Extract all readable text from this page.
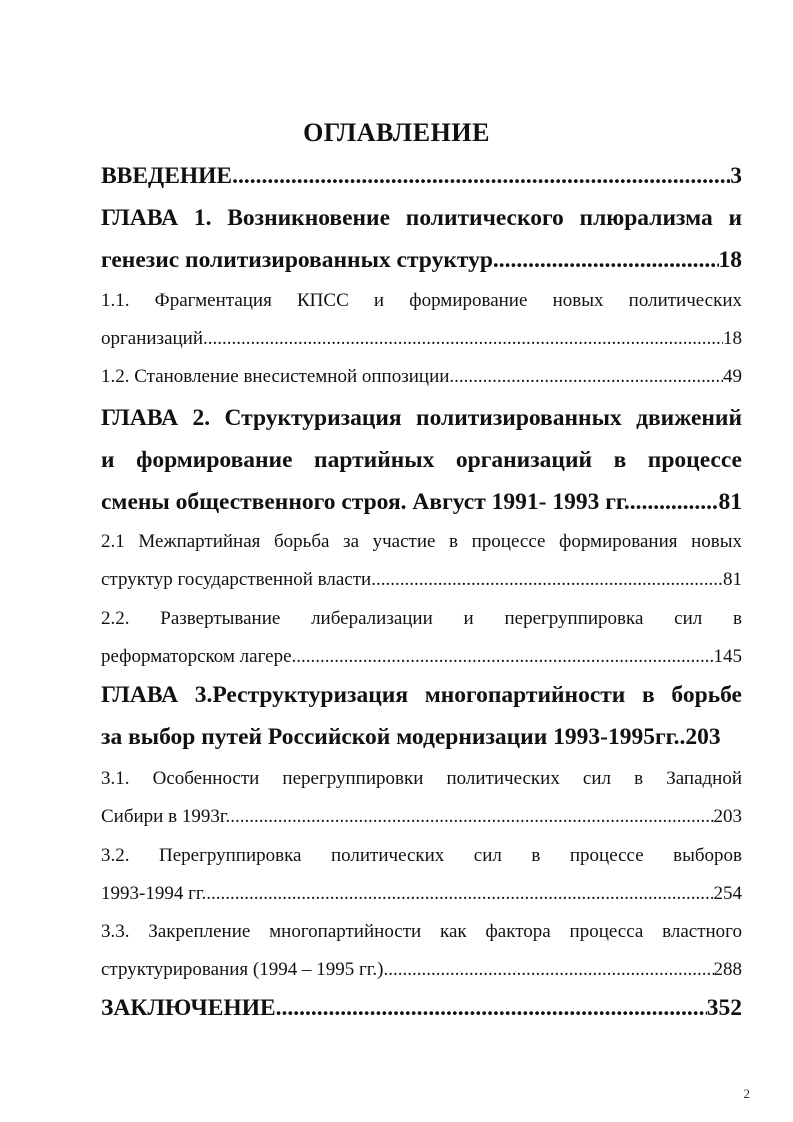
ОГЛАВЛЕНИЕ
ВВЕДЕНИЕ. .....	3
ГЛАВА 1. Возникновение политического плюрализма и
генезис политизированных структур .....	18
1.1. Фрагментация КПСС и формирование новых политических
организаций .....	18
1.2. Становление внесистемной оппозиции. .....	49
ГЛАВА 2. Структуризация политизированных движений
и формирование партийных организаций в процессе
смены общественного строя. Август 1991- 1993 гг. .....	81
2.1 Межпартийная борьба за участие в процессе формирования новых
структур государственной власти .....	81
2.2. Развертывание либерализации и перегруппировка сил в
реформаторском лагере. .....	145
ГЛАВА 3.Реструктуризация многопартийности в борьбе
за выбор путей Российской модернизации 1993-1995гг.. 203
3.1. Особенности перегруппировки политических сил в Западной
Сибири в 1993г. .....	203
3.2. Перегруппировка политических сил в процессе выборов
1993-1994 гг. .....	254
3.3. Закрепление многопартийности как фактора процесса властного
структурирования (1994 – 1995 гг.) .....	288
ЗАКЛЮЧЕНИЕ. .....	352
2
